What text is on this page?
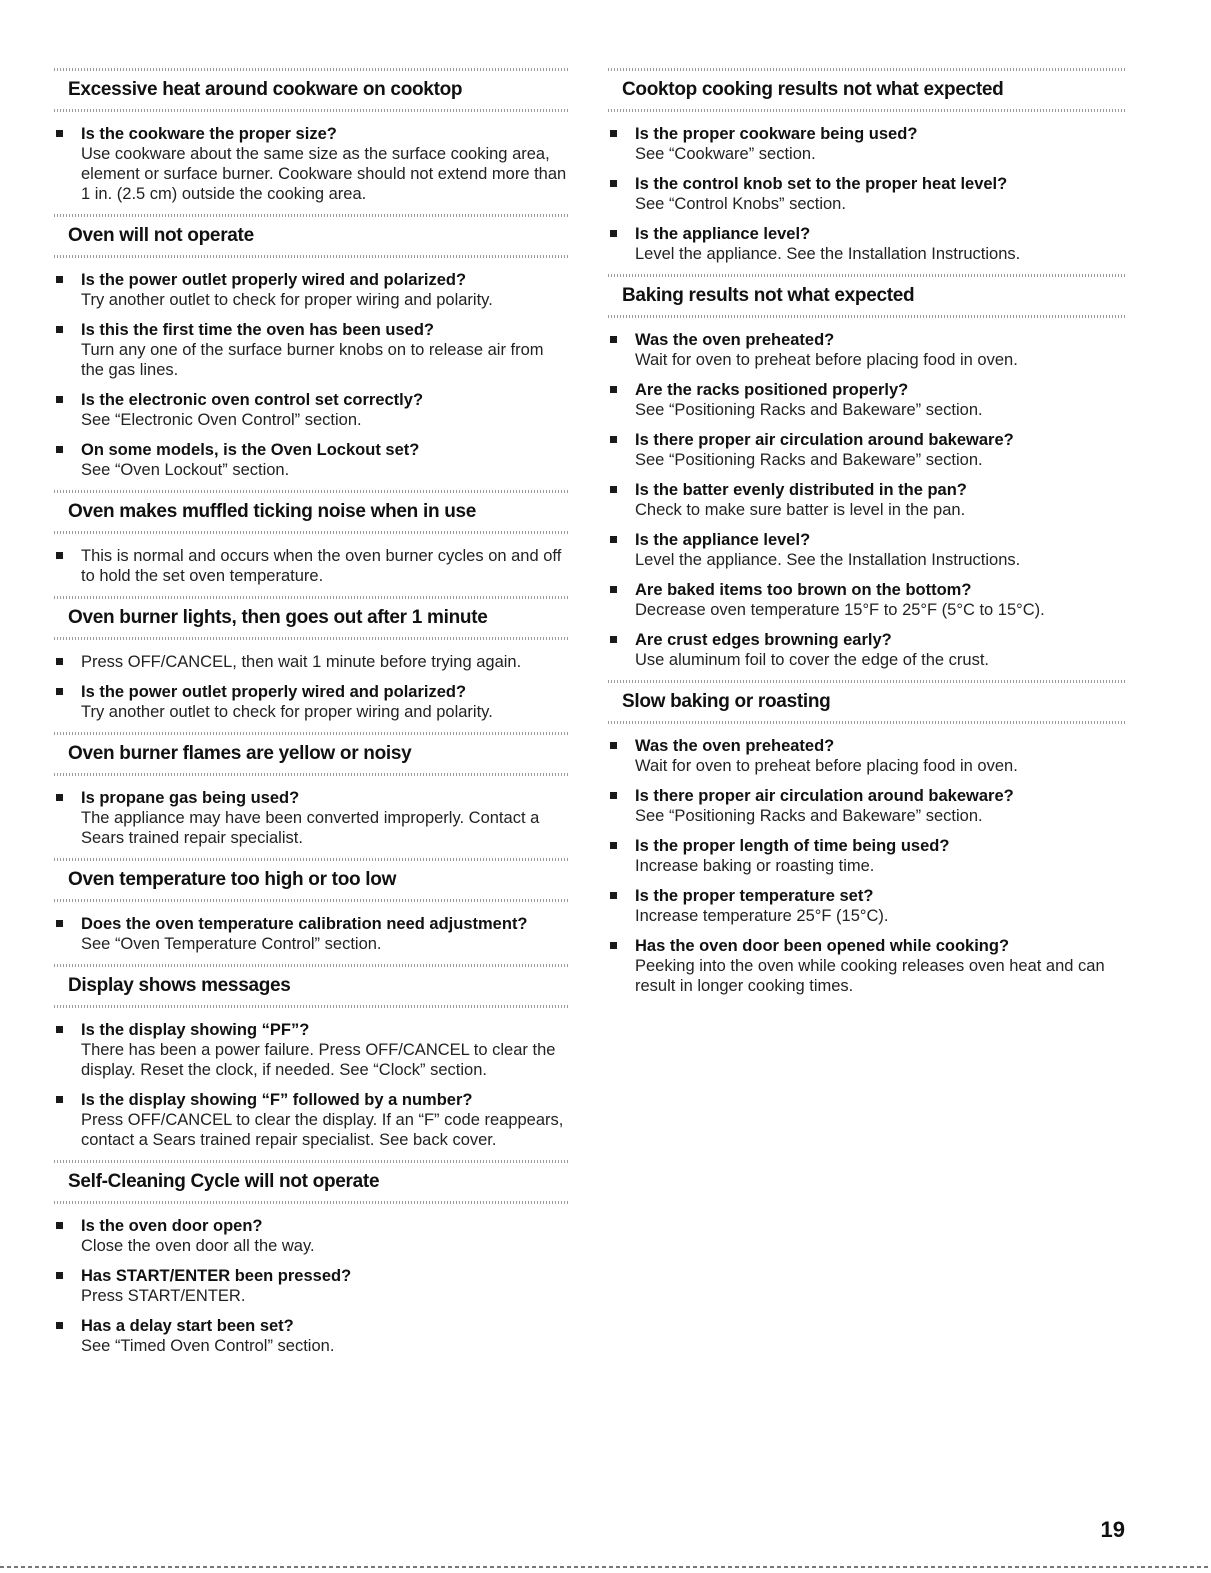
Excessive heat around cookware on cooktop
Is the cookware the proper size?
Use cookware about the same size as the surface cooking area, element or surface burner. Cookware should not extend more than 1 in. (2.5 cm) outside the cooking area.
Oven will not operate
Is the power outlet properly wired and polarized?
Try another outlet to check for proper wiring and polarity.
Is this the first time the oven has been used?
Turn any one of the surface burner knobs on to release air from the gas lines.
Is the electronic oven control set correctly?
See “Electronic Oven Control” section.
On some models, is the Oven Lockout set?
See “Oven Lockout” section.
Oven makes muffled ticking noise when in use
This is normal and occurs when the oven burner cycles on and off to hold the set oven temperature.
Oven burner lights, then goes out after 1 minute
Press OFF/CANCEL, then wait 1 minute before trying again.
Is the power outlet properly wired and polarized?
Try another outlet to check for proper wiring and polarity.
Oven burner flames are yellow or noisy
Is propane gas being used?
The appliance may have been converted improperly. Contact a Sears trained repair specialist.
Oven temperature too high or too low
Does the oven temperature calibration need adjustment?
See “Oven Temperature Control” section.
Display shows messages
Is the display showing “PF”?
There has been a power failure. Press OFF/CANCEL to clear the display. Reset the clock, if needed. See “Clock” section.
Is the display showing “F” followed by a number?
Press OFF/CANCEL to clear the display. If an “F” code reappears, contact a Sears trained repair specialist. See back cover.
Self-Cleaning Cycle will not operate
Is the oven door open?
Close the oven door all the way.
Has START/ENTER been pressed?
Press START/ENTER.
Has a delay start been set?
See “Timed Oven Control” section.
Cooktop cooking results not what expected
Is the proper cookware being used?
See “Cookware” section.
Is the control knob set to the proper heat level?
See “Control Knobs” section.
Is the appliance level?
Level the appliance. See the Installation Instructions.
Baking results not what expected
Was the oven preheated?
Wait for oven to preheat before placing food in oven.
Are the racks positioned properly?
See “Positioning Racks and Bakeware” section.
Is there proper air circulation around bakeware?
See “Positioning Racks and Bakeware” section.
Is the batter evenly distributed in the pan?
Check to make sure batter is level in the pan.
Is the appliance level?
Level the appliance. See the Installation Instructions.
Are baked items too brown on the bottom?
Decrease oven temperature 15°F to 25°F (5°C to 15°C).
Are crust edges browning early?
Use aluminum foil to cover the edge of the crust.
Slow baking or roasting
Was the oven preheated?
Wait for oven to preheat before placing food in oven.
Is there proper air circulation around bakeware?
See “Positioning Racks and Bakeware” section.
Is the proper length of time being used?
Increase baking or roasting time.
Is the proper temperature set?
Increase temperature 25°F (15°C).
Has the oven door been opened while cooking?
Peeking into the oven while cooking releases oven heat and can result in longer cooking times.
19
